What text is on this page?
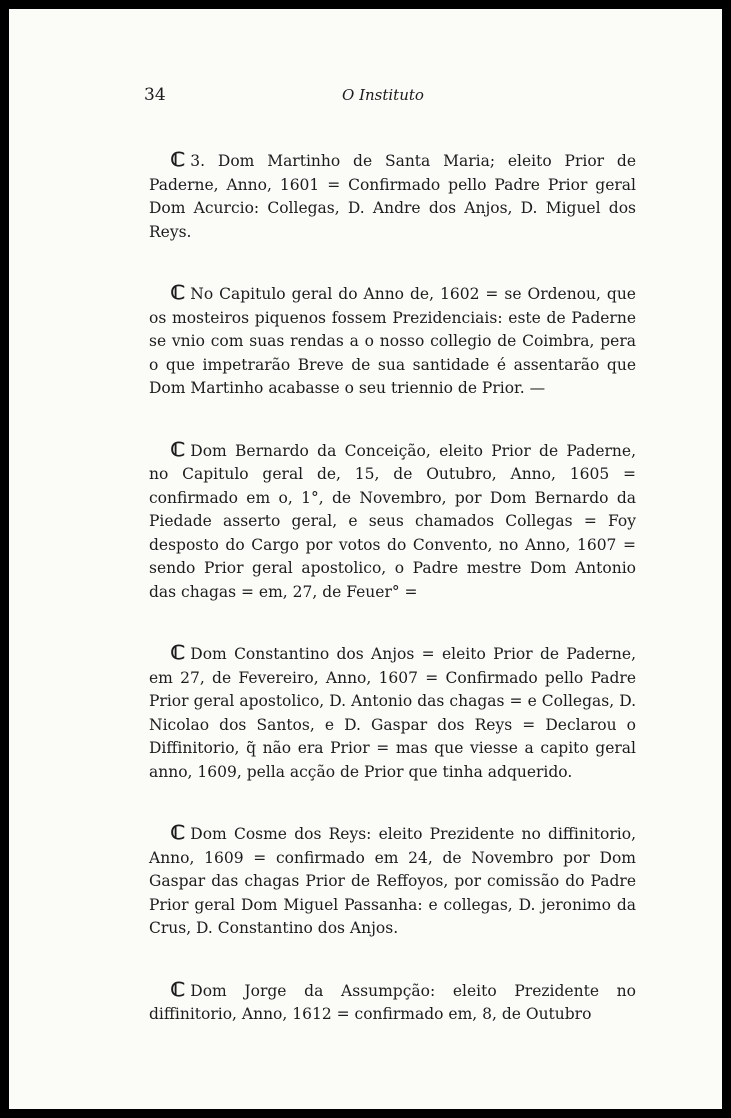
34	O Instituto

ℂ 3. Dom Martinho de Santa Maria; eleito Prior de Paderne, Anno, 1601 = Confirmado pello Padre Prior geral Dom Acurcio: Collegas, D. Andre dos Anjos, D. Miguel dos Reys.

ℂ No Capitulo geral do Anno de, 1602 = se Ordenou, que os mosteiros piquenos fossem Prezidenciais: este de Paderne se vnio com suas rendas a o nosso collegio de Coimbra, pera o que impetrarão Breve de sua santidade é assentarão que Dom Martinho acabasse o seu triennio de Prior. —

ℂ Dom Bernardo da Conceição, eleito Prior de Paderne, no Capitulo geral de, 15, de Outubro, Anno, 1605 = confirmado em o, 1°, de Novembro, por Dom Bernardo da Piedade asserto geral, e seus chamados Collegas = Foy desposto do Cargo por votos do Convento, no Anno, 1607 = sendo Prior geral apostolico, o Padre mestre Dom Antonio das chagas = em, 27, de Feuer° =

ℂ Dom Constantino dos Anjos = eleito Prior de Paderne, em 27, de Fevereiro, Anno, 1607 = Confirmado pello Padre Prior geral apostolico, D. Antonio das chagas = e Collegas, D. Nicolao dos Santos, e D. Gaspar dos Reys = Declarou o Diffinitorio, q̃ não era Prior = mas que viesse a capito geral anno, 1609, pella acção de Prior que tinha adquerido.

ℂ Dom Cosme dos Reys: eleito Prezidente no diffinitorio, Anno, 1609 = confirmado em 24, de Novembro por Dom Gaspar das chagas Prior de Reffoyos, por comissão do Padre Prior geral Dom Miguel Passanha: e collegas, D. jeronimo da Crus, D. Constantino dos Anjos.

ℂ Dom Jorge da Assumpção: eleito Prezidente no diffinitorio, Anno, 1612 = confirmado em, 8, de Outubro
